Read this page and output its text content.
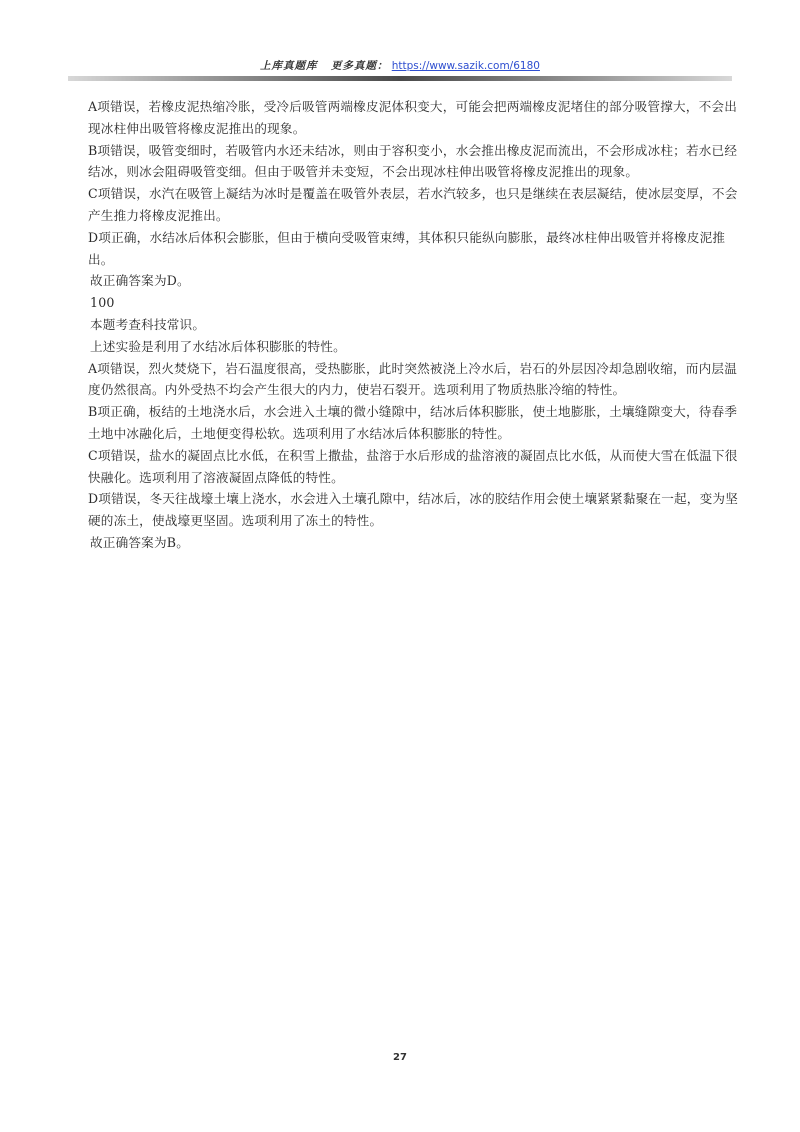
上库真题库 更多真题： https://www.sazik.com/6180

A项错误，若橡皮泥热缩冷胀，受冷后吸管两端橡皮泥体积变大，可能会把两端橡皮泥堵住的部分吸管撑大，不会出现冰柱伸出吸管将橡皮泥推出的现象。

B项错误，吸管变细时，若吸管内水还未结冰，则由于容积变小，水会推出橡皮泥而流出，不会形成冰柱；若水已经结冰，则冰会阻碍吸管变细。但由于吸管并未变短，不会出现冰柱伸出吸管将橡皮泥推出的现象。

C项错误，水汽在吸管上凝结为冰时是覆盖在吸管外表层，若水汽较多，也只是继续在表层凝结，使冰层变厚，不会产生推力将橡皮泥推出。

D项正确，水结冰后体积会膨胀，但由于横向受吸管束缚，其体积只能纵向膨胀，最终冰柱伸出吸管并将橡皮泥推出。

故正确答案为D。

100

本题考查科技常识。

上述实验是利用了水结冰后体积膨胀的特性。

A项错误，烈火焚烧下，岩石温度很高，受热膨胀，此时突然被浇上冷水后，岩石的外层因冷却急剧收缩，而内层温度仍然很高。内外受热不均会产生很大的内力，使岩石裂开。选项利用了物质热胀冷缩的特性。

B项正确，板结的土地浇水后，水会进入土壤的微小缝隙中，结冰后体积膨胀，使土地膨胀，土壤缝隙变大，待春季土地中冰融化后，土地便变得松软。选项利用了水结冰后体积膨胀的特性。

C项错误，盐水的凝固点比水低，在积雪上撒盐，盐溶于水后形成的盐溶液的凝固点比水低，从而使大雪在低温下很快融化。选项利用了溶液凝固点降低的特性。

D项错误，冬天往战壕土壤上浇水，水会进入土壤孔隙中，结冰后，冰的胶结作用会使土壤紧紧黏聚在一起，变为坚硬的冻土，使战壕更坚固。选项利用了冻土的特性。

故正确答案为B。

27
